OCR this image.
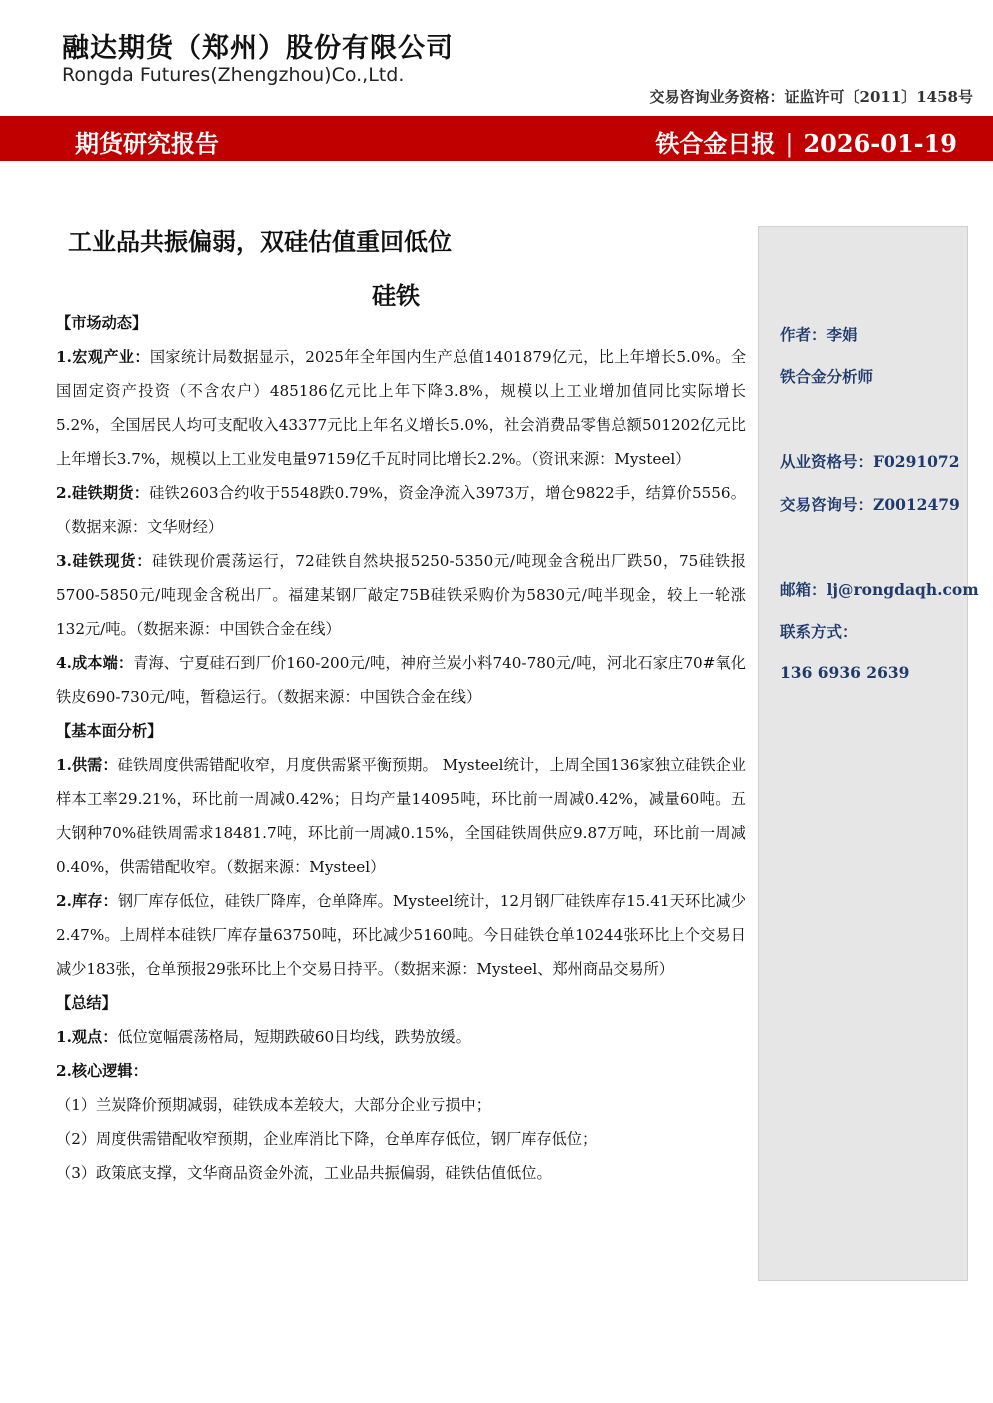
融达期货（郑州）股份有限公司
Rongda Futures(Zhengzhou)Co.,Ltd.
交易咨询业务资格：证监许可〔2011〕1458号
期货研究报告	铁合金日报 | 2026-01-19
工业品共振偏弱，双硅估值重回低位
硅铁

【市场动态】

1.宏观产业：国家统计局数据显示，2025年全年国内生产总值1401879亿元，比上年增长5.0%。全国固定资产投资（不含农户）485186亿元比上年下降3.8%，规模以上工业增加值同比实际增长5.2%，全国居民人均可支配收入43377元比上年名义增长5.0%，社会消费品零售总额501202亿元比上年增长3.7%，规模以上工业发电量97159亿千瓦时同比增长2.2%。（资讯来源：Mysteel）

2.硅铁期货：硅铁2603合约收于5548跌0.79%，资金净流入3973万，增仓9822手，结算价5556。（数据来源：文华财经）

3.硅铁现货：硅铁现价震荡运行，72硅铁自然块报5250-5350元/吨现金含税出厂跌50，75硅铁报5700-5850元/吨现金含税出厂。福建某钢厂敲定75B硅铁采购价为5830元/吨半现金，较上一轮涨132元/吨。（数据来源：中国铁合金在线）

4.成本端：青海、宁夏硅石到厂价160-200元/吨，神府兰炭小料740-780元/吨，河北石家庄70#氧化铁皮690-730元/吨，暂稳运行。（数据来源：中国铁合金在线）

【基本面分析】

1.供需：硅铁周度供需错配收窄，月度供需紧平衡预期。 Mysteel统计，上周全国136家独立硅铁企业样本工率29.21%，环比前一周减0.42%；日均产量14095吨，环比前一周减0.42%，减量60吨。五大钢种70%硅铁周需求18481.7吨，环比前一周减0.15%，全国硅铁周供应9.87万吨，环比前一周减0.40%，供需错配收窄。（数据来源：Mysteel）

2.库存：钢厂库存低位，硅铁厂降库，仓单降库。Mysteel统计，12月钢厂硅铁库存15.41天环比减少2.47%。上周样本硅铁厂库存量63750吨，环比减少5160吨。今日硅铁仓单10244张环比上个交易日减少183张，仓单预报29张环比上个交易日持平。（数据来源：Mysteel、郑州商品交易所）

【总结】

1.观点：低位宽幅震荡格局，短期跌破60日均线，跌势放缓。

2.核心逻辑：

（1）兰炭降价预期减弱，硅铁成本差较大，大部分企业亏损中；

（2）周度供需错配收窄预期，企业库消比下降，仓单库存低位，钢厂库存低位；

（3）政策底支撑，文华商品资金外流，工业品共振偏弱，硅铁估值低位。

作者：李娟
铁合金分析师
从业资格号：F0291072
交易咨询号：Z0012479
邮箱：lj@rongdaqh.com
联系方式：
136 6936 2639
